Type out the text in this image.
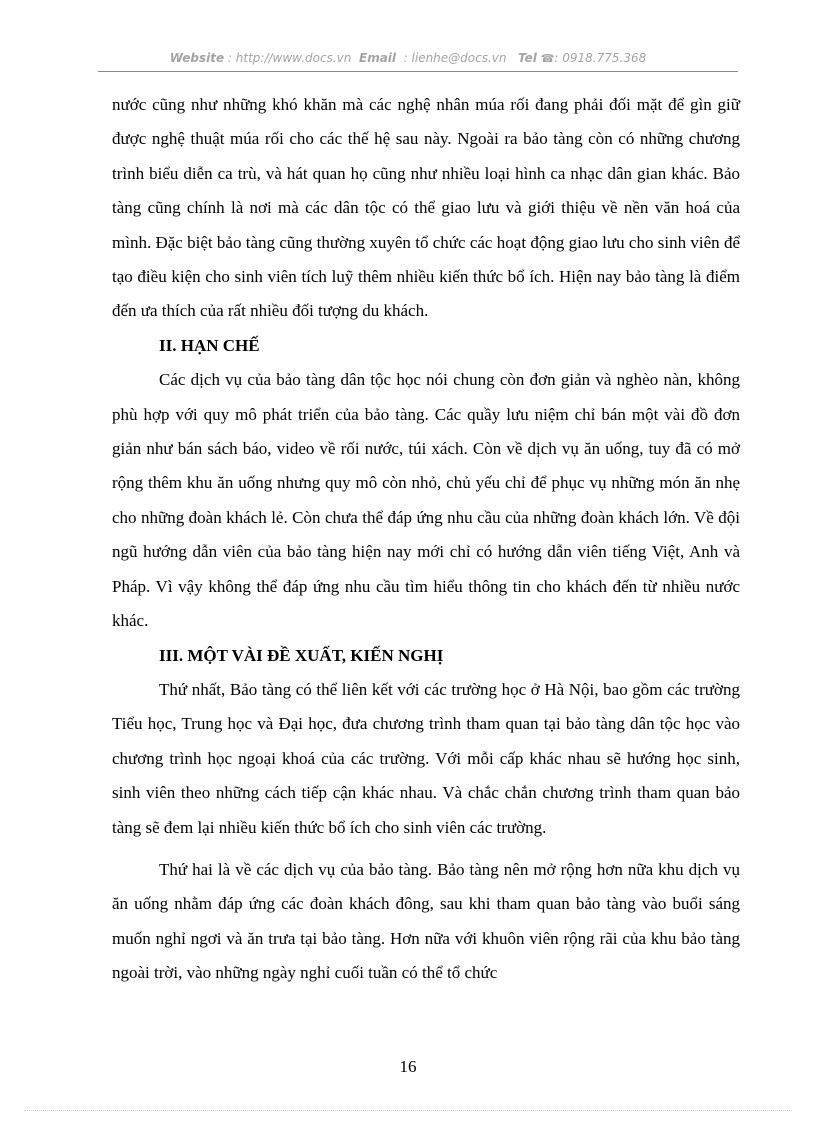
Website : http://www.docs.vn Email : lienhe@docs.vn Tel ☎: 0918.775.368

nước cũng như những khó khăn mà các nghệ nhân múa rối đang phải đối mặt để gìn giữ được nghệ thuật múa rối cho các thế hệ sau này. Ngoài ra bảo tàng còn có những chương trình biểu diễn ca trù, và hát quan họ cũng như nhiều loại hình ca nhạc dân gian khác. Bảo tàng cũng chính là nơi mà các dân tộc có thể giao lưu và giới thiệu về nền văn hoá của mình. Đặc biệt bảo tàng cũng thường xuyên tổ chức các hoạt động giao lưu cho sinh viên để tạo điều kiện cho sinh viên tích luỹ thêm nhiều kiến thức bổ ích. Hiện nay bảo tàng là điểm đến ưa thích của rất nhiều đối tượng du khách.

II. HẠN CHẾ

Các dịch vụ của bảo tàng dân tộc học nói chung còn đơn giản và nghèo nàn, không phù hợp với quy mô phát triển của bảo tàng. Các quầy lưu niệm chỉ bán một vài đồ đơn giản như bán sách báo, video về rối nước, túi xách. Còn về dịch vụ ăn uống, tuy đã có mở rộng thêm khu ăn uống nhưng quy mô còn nhỏ, chủ yếu chỉ để phục vụ những món ăn nhẹ cho những đoàn khách lẻ. Còn chưa thể đáp ứng nhu cầu của những đoàn khách lớn. Về đội ngũ hướng dẫn viên của bảo tàng hiện nay mới chỉ có hướng dẫn viên tiếng Việt, Anh và Pháp. Vì vậy không thể đáp ứng nhu cầu tìm hiểu thông tin cho khách đến từ nhiều nước khác.

III. MỘT VÀI ĐỀ XUẤT, KIẾN NGHỊ

Thứ nhất, Bảo tàng có thể liên kết với các trường học ở Hà Nội, bao gồm các trường Tiểu học, Trung học và Đại học, đưa chương trình tham quan tại bảo tàng dân tộc học vào chương trình học ngoại khoá của các trường. Với mỗi cấp khác nhau sẽ hướng học sinh, sinh viên theo những cách tiếp cận khác nhau. Và chắc chắn chương trình tham quan bảo tàng sẽ đem lại nhiều kiến thức bổ ích cho sinh viên các trường.

Thứ hai là về các dịch vụ của bảo tàng. Bảo tàng nên mở rộng hơn nữa khu dịch vụ ăn uống nhằm đáp ứng các đoàn khách đông, sau khi tham quan bảo tàng vào buổi sáng muốn nghỉ ngơi và ăn trưa tại bảo tàng. Hơn nữa với khuôn viên rộng rãi của khu bảo tàng ngoài trời, vào những ngày nghỉ cuối tuần có thể tổ chức

16
